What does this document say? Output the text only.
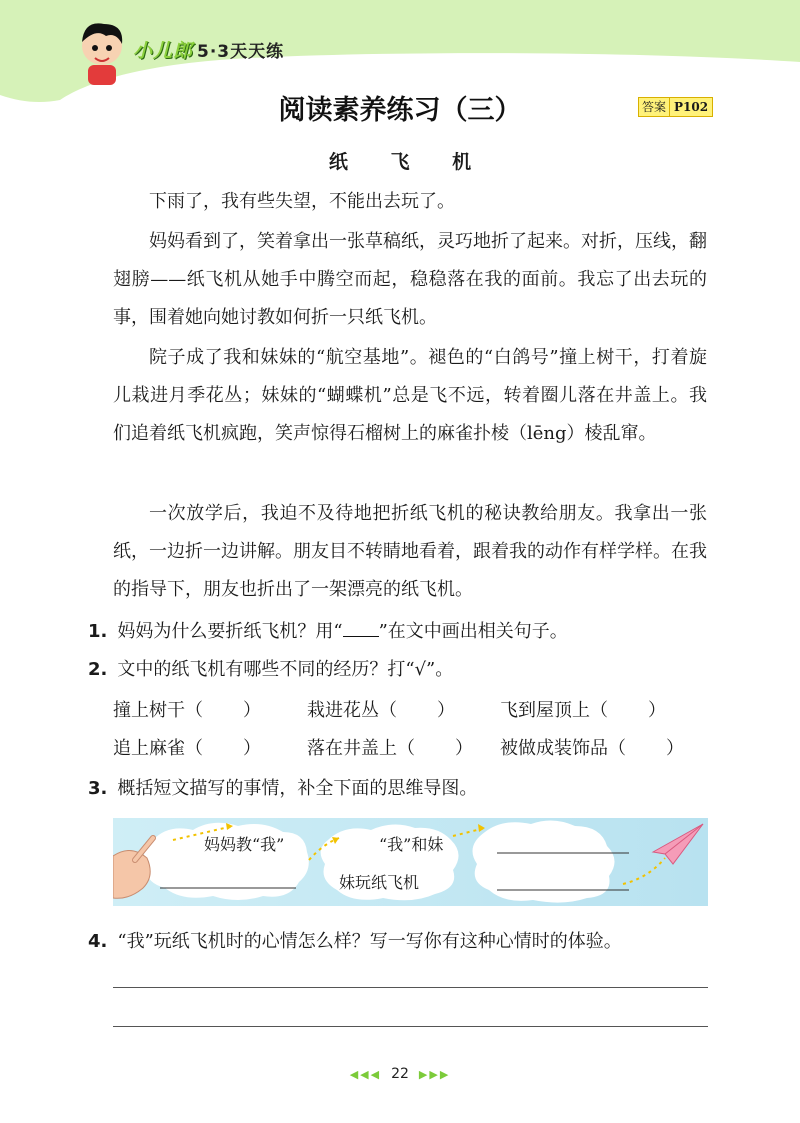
小儿郎 5·3天天练
阅读素养练习（三）	答案 P102
纸 飞 机

下雨了，我有些失望，不能出去玩了。

妈妈看到了，笑着拿出一张草稿纸，灵巧地折了起来。对折，压线，翻翅膀——纸飞机从她手中腾空而起，稳稳落在我的面前。我忘了出去玩的事，围着她向她讨教如何折一只纸飞机。

院子成了我和妹妹的“航空基地”。褪色的“白鸽号”撞上树干，打着旋儿栽进月季花丛；妹妹的“蝴蝶机”总是飞不远，转着圈儿落在井盖上。我们追着纸飞机疯跑，笑声惊得石榴树上的麻雀扑棱（lēng）棱乱窜。

一次放学后，我迫不及待地把折纸飞机的秘诀教给朋友。我拿出一张纸，一边折一边讲解。朋友目不转睛地看着，跟着我的动作有样学样。在我的指导下，朋友也折出了一架漂亮的纸飞机。

1. 妈妈为什么要折纸飞机？用“ ”在文中画出相关句子。
2. 文中的纸飞机有哪些不同的经历？打“√”。
撞上树干（ ）	栽进花丛（ ）	飞到屋顶上（ ）
追上麻雀（ ）	落在井盖上（ ） 被做成装饰品（ ）
3. 概括短文描写的事情，补全下面的思维导图。
妈妈教“我”	“我”和妹
妹玩纸飞机
4. “我”玩纸飞机时的心情怎么样？写一写你有这种心情时的体验。
◀◀◀ 22 ▶▶▶
